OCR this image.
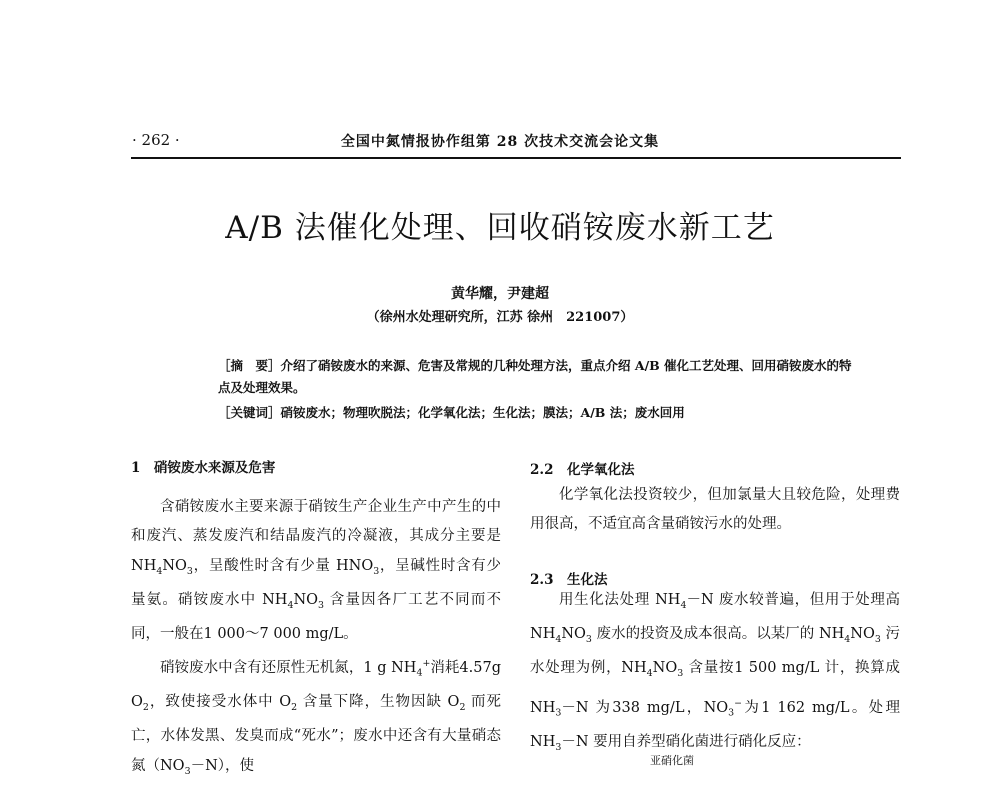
· 262 ·	全国中氮情报协作组第 28 次技术交流会论文集
A/B 法催化处理、回收硝铵废水新工艺
黄华耀，尹建超
（徐州水处理研究所，江苏 徐州　221007）
［摘　要］介绍了硝铵废水的来源、危害及常规的几种处理方法，重点介绍 A/B 催化工艺处理、回用硝铵废水的特点及处理效果。
［关键词］硝铵废水；物理吹脱法；化学氧化法；生化法；膜法；A/B 法；废水回用
1　硝铵废水来源及危害

含硝铵废水主要来源于硝铵生产企业生产中产生的中和废汽、蒸发废汽和结晶废汽的冷凝液，其成分主要是 $NH_4NO_3$，呈酸性时含有少量 $HNO_3$，呈碱性时含有少量氨。硝铵废水中 $NH_4NO_3$ 含量因各厂工艺不同而不同，一般在1 000～7 000 mg/L。

硝铵废水中含有还原性无机氮，1 g $NH_4^+$消耗4.57g $O_2$，致使接受水体中 $O_2$ 含量下降，生物因缺 $O_2$ 而死亡，水体发黑、发臭而成“死水”；废水中还含有大量硝态氮$(NO_3-N)$，使

2.2　化学氧化法

化学氧化法投资较少，但加氯量大且较危险，处理费用很高，不适宜高含量硝铵污水的处理。

2.3　生化法

用生化法处理 $NH_4-N$ 废水较普遍，但用于处理高 $NH_4NO_3$ 废水的投资及成本很高。以某厂的 $NH_4NO_3$ 污水处理为例，$NH_4NO_3$ 含量按1 500 mg/L 计，换算成 $NH_3-N$ 为338 mg/L，$NO_3^-$为1 162 mg/L。处理 $NH_3-N$ 要用自养型硝化菌进行硝化反应：

亚硝化菌
